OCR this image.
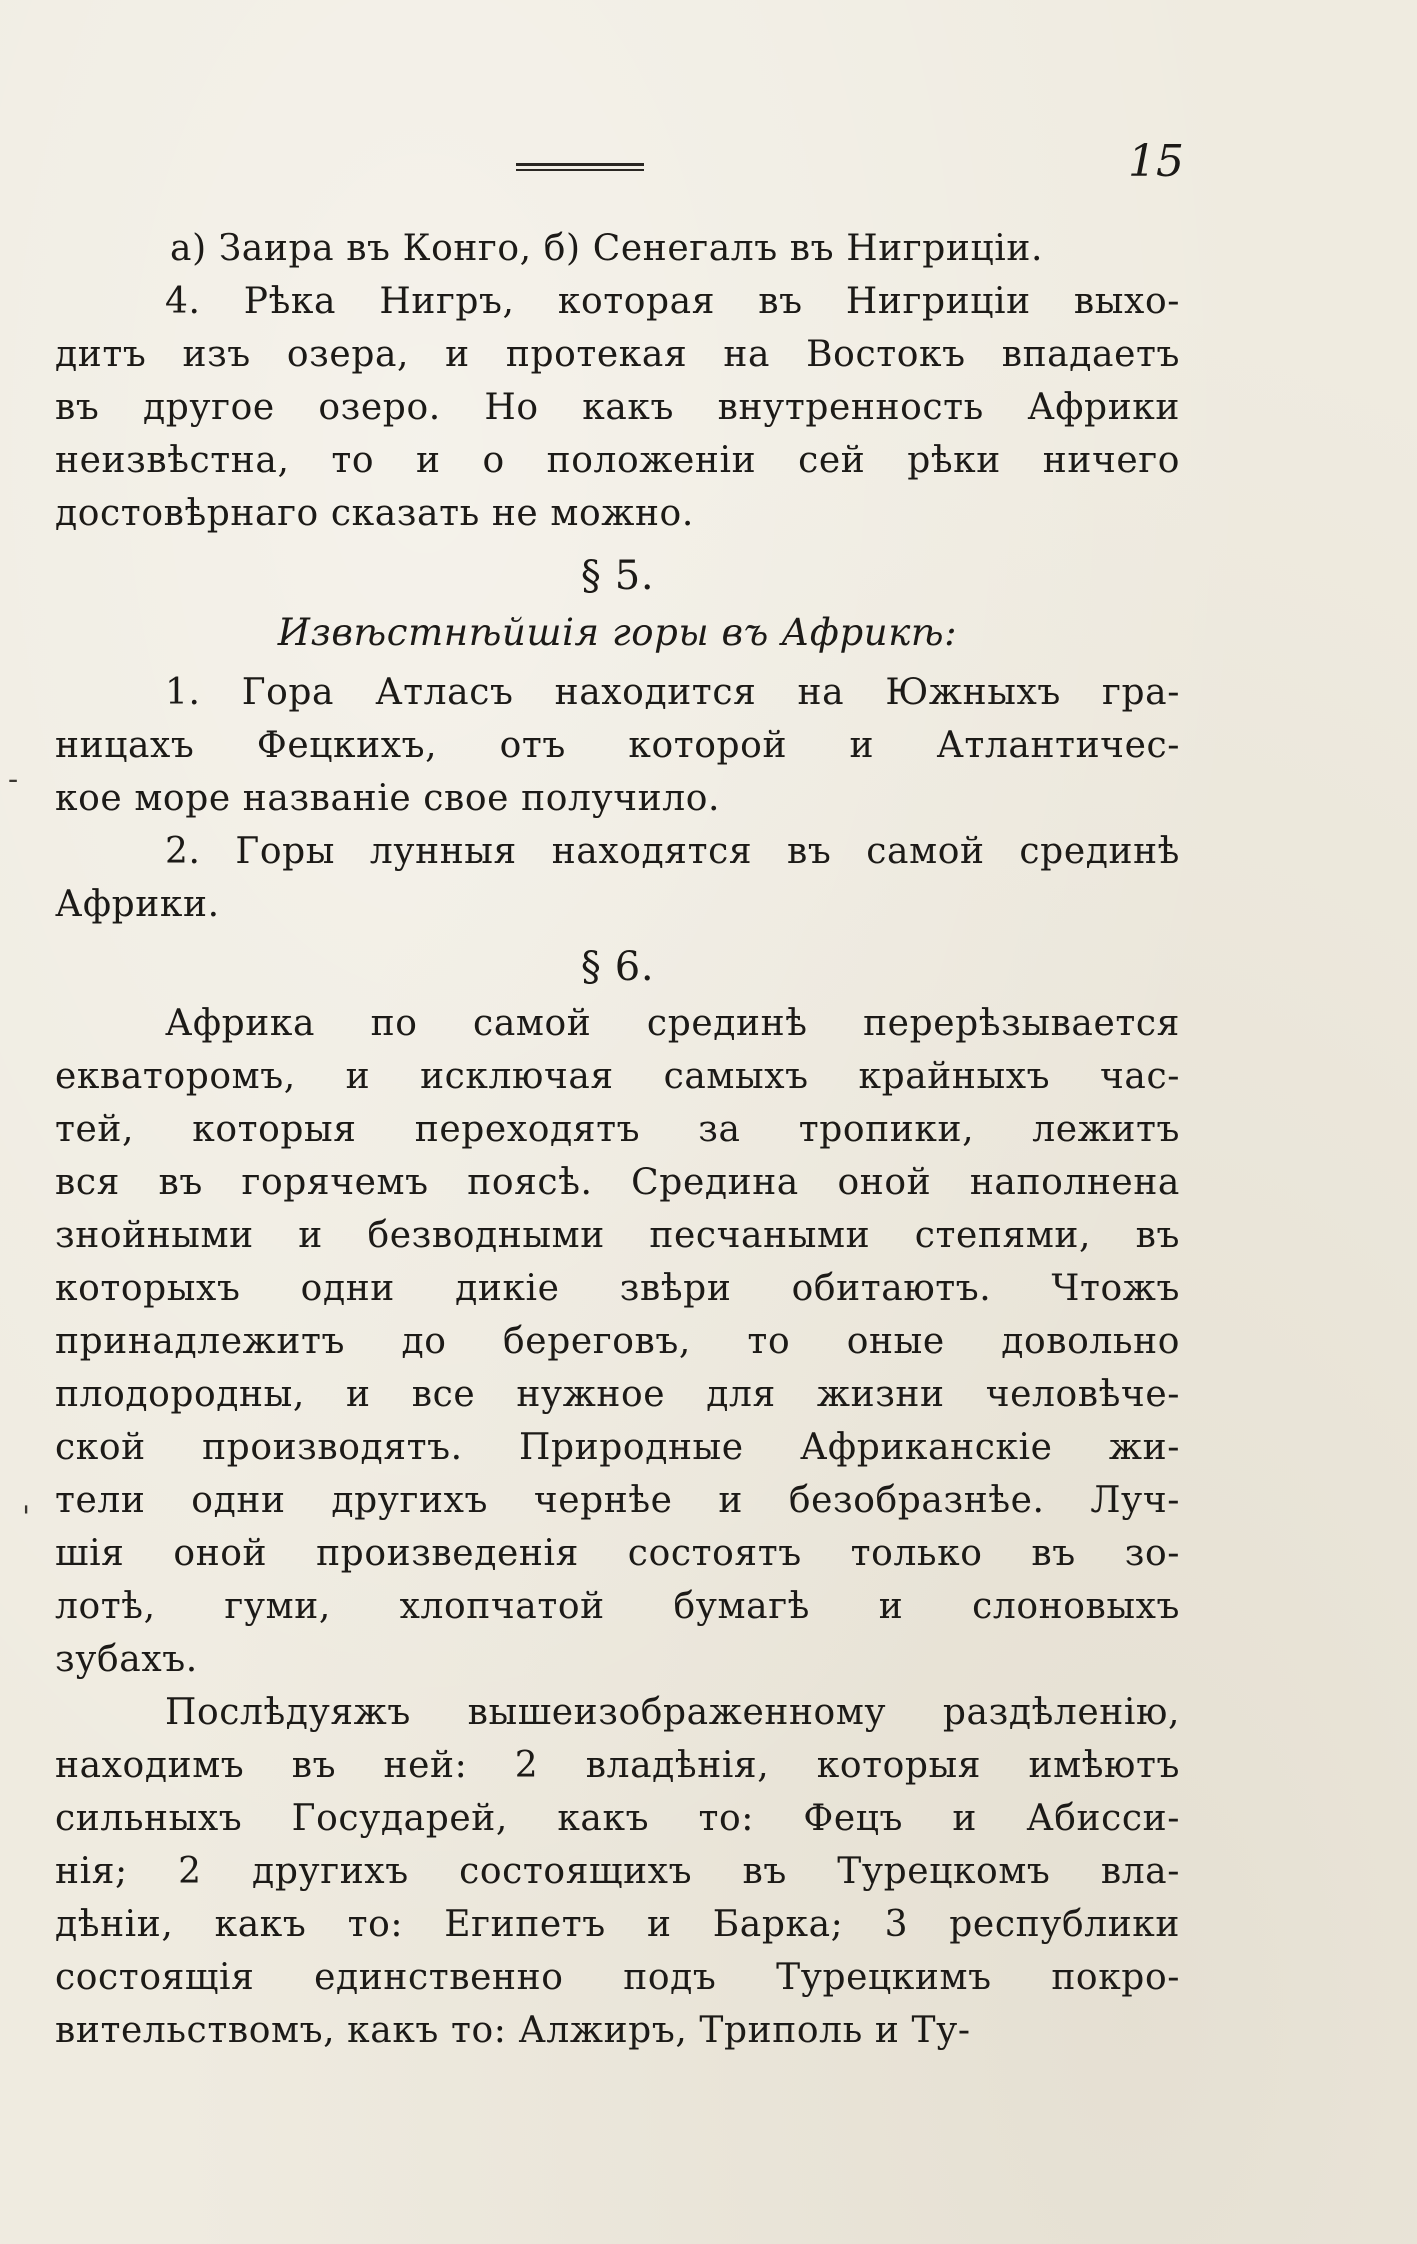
15
-
'
а) Заира въ Конго, б) Сенегалъ въ Нигриціи.
4. Рѣка Нигръ, которая въ Нигриціи выхо-
дитъ изъ озера, и протекая на Востокъ впадаетъ
въ другое озеро. Но какъ внутренность Африки
неизвѣстна, то и о положеніи сей рѣки ничего
достовѣрнаго сказать не можно.
§ 5.
Извѣстнѣйшія горы въ Африкѣ:
1. Гора Атласъ находится на Южныхъ гра-
ницахъ Фецкихъ, отъ которой и Атлантичес-
кое море названіе свое получило.
2. Горы лунныя находятся въ самой срединѣ
Африки.
§ 6.
Африка по самой срединѣ перерѣзывается
екваторомъ, и исключая самыхъ крайныхъ час-
тей, которыя переходятъ за тропики, лежитъ
вся въ горячемъ поясѣ. Средина оной наполнена
знойными и безводными песчаными степями, въ
которыхъ одни дикіе звѣри обитаютъ. Чтожъ
принадлежитъ до береговъ, то оные довольно
плодородны, и все нужное для жизни человѣче-
ской производятъ. Природные Африканскіе жи-
тели одни другихъ чернѣе и безобразнѣе. Луч-
шія оной произведенія состоятъ только въ зо-
лотѣ, гуми, хлопчатой бумагѣ и слоновыхъ
зубахъ.
Послѣдуяжъ вышеизображенному раздѣленію,
находимъ въ ней: 2 владѣнія, которыя имѣютъ
сильныхъ Государей, какъ то: Фецъ и Абисси-
нія; 2 другихъ состоящихъ въ Турецкомъ вла-
дѣніи, какъ то: Египетъ и Барка; 3 республики
состоящія единственно подъ Турецкимъ покро-
вительствомъ, какъ то: Алжиръ, Триполь и Ту-
